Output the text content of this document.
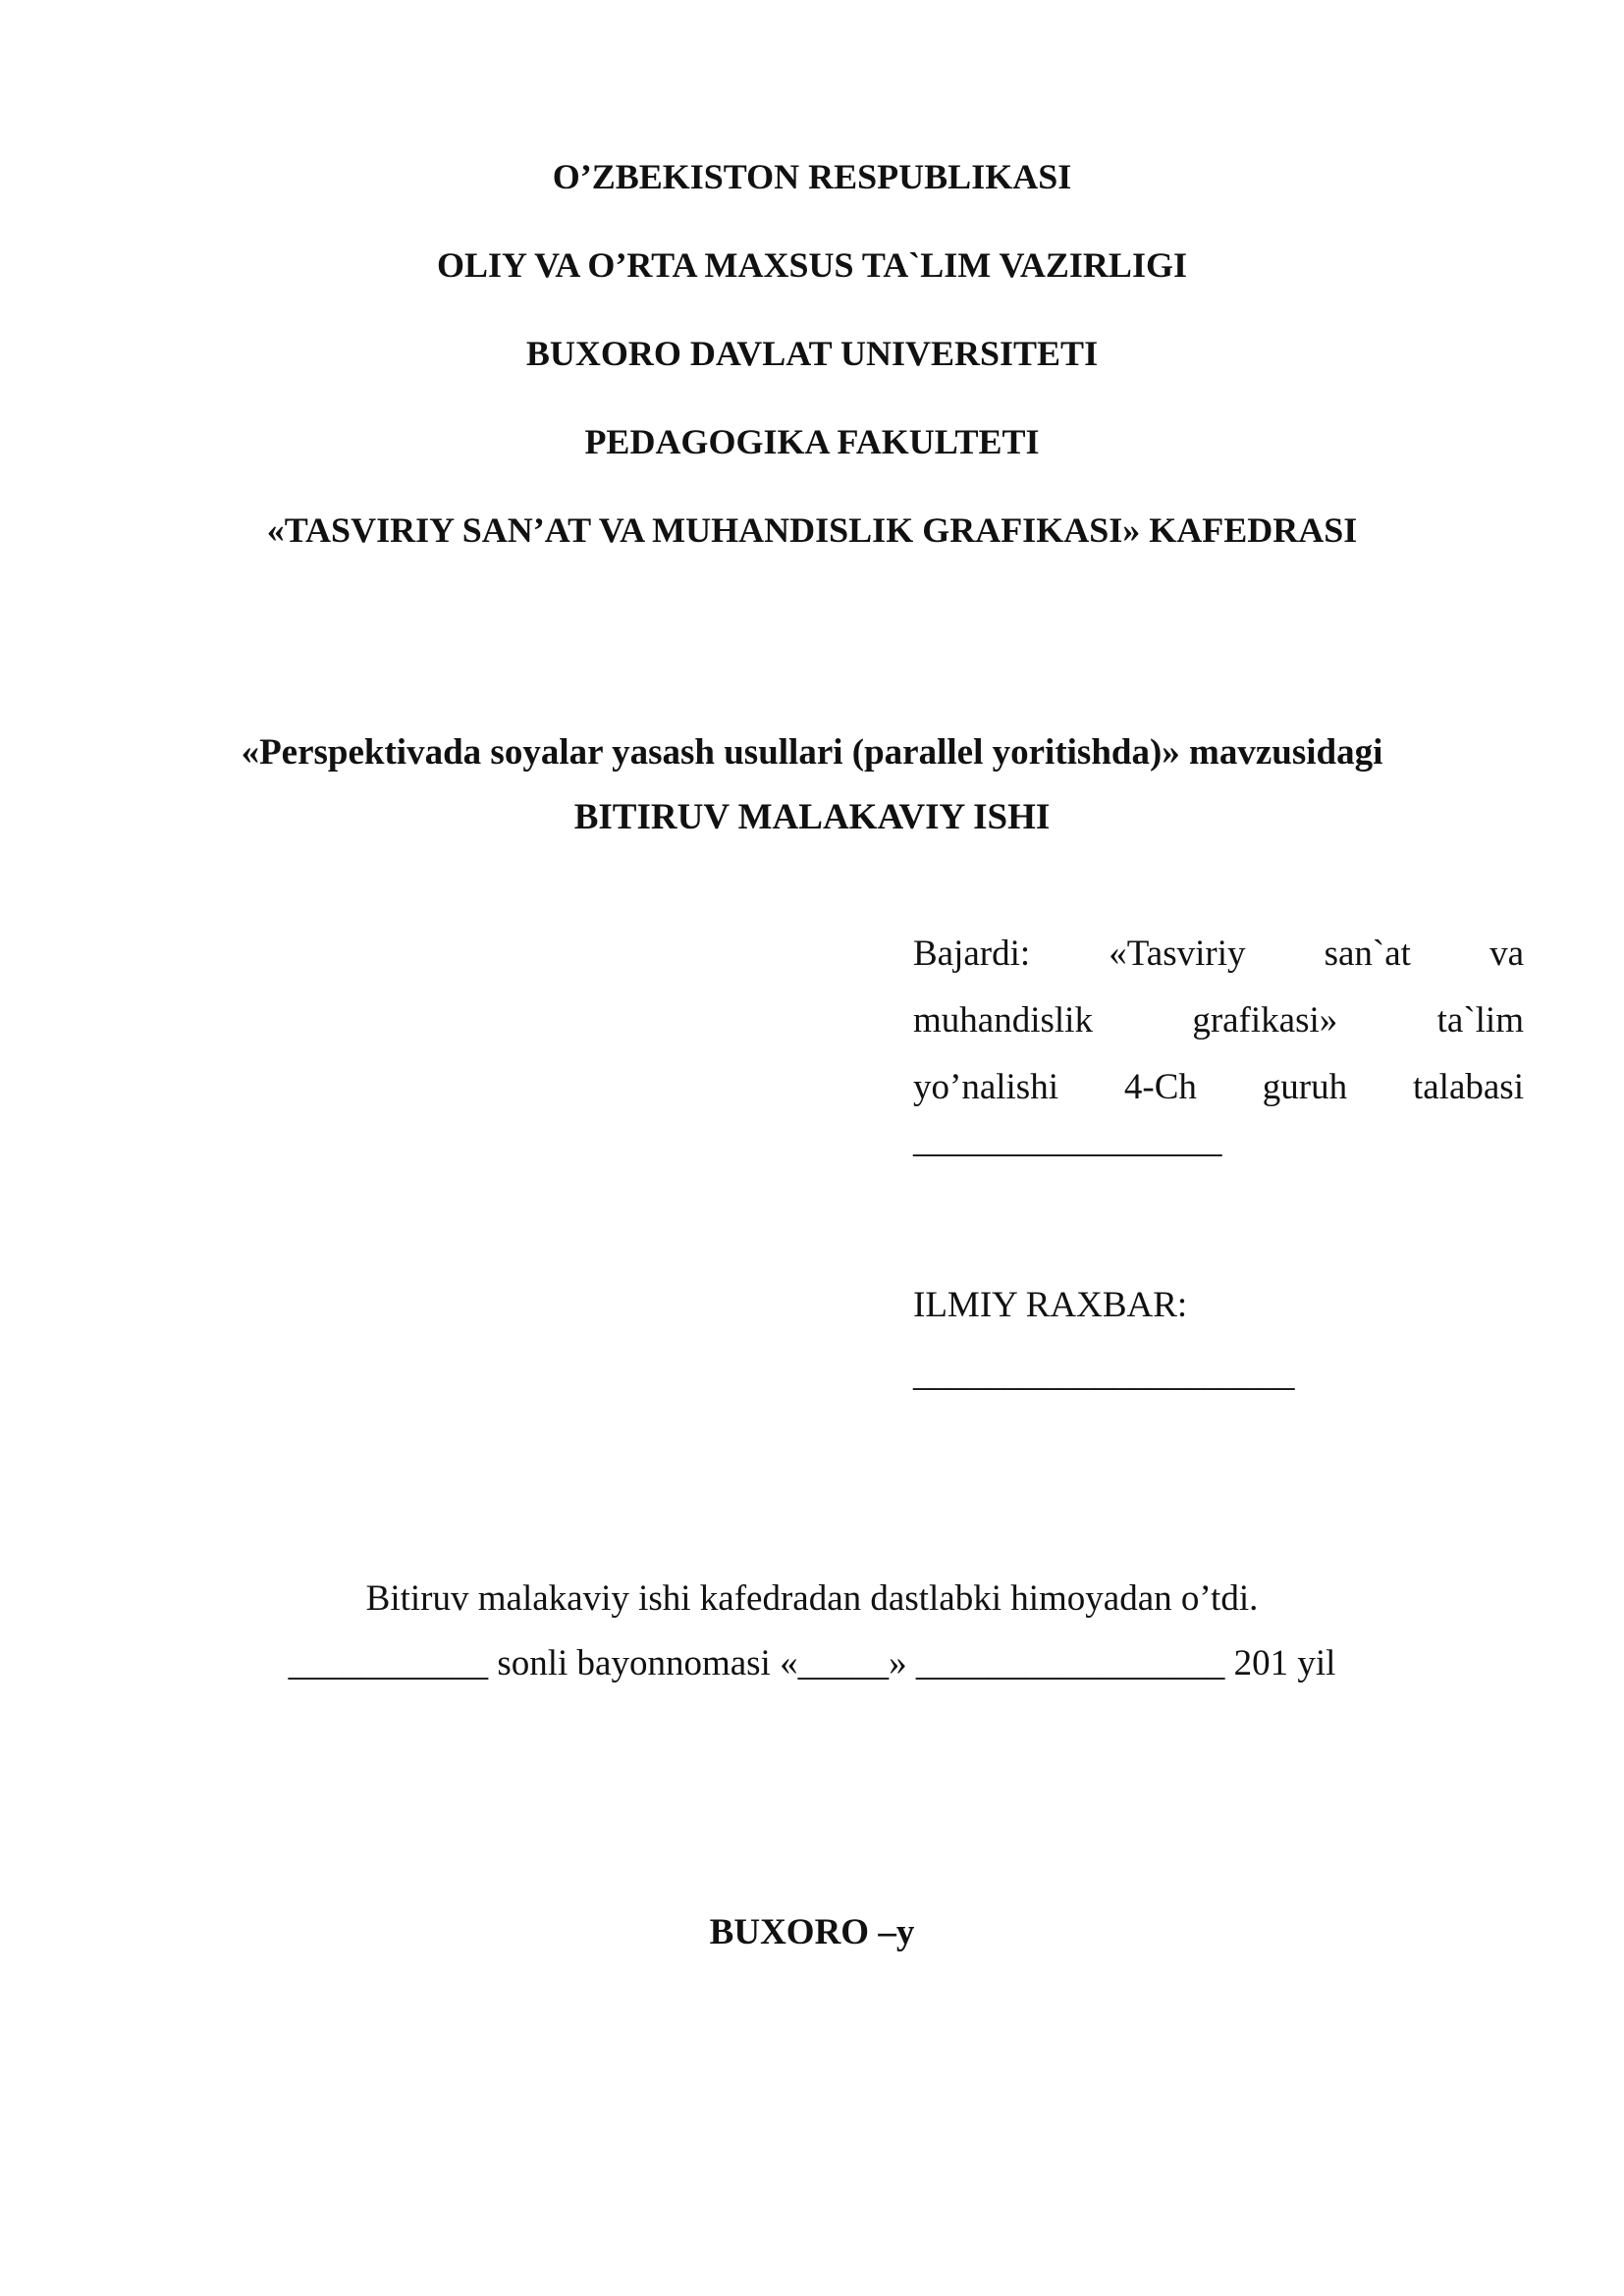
O’ZBEKISTON RESPUBLIKASI
OLIY VA O’RTA MAXSUS TA`LIM VAZIRLIGI
BUXORO DAVLAT UNIVERSITETI
PEDAGOGIKA FAKULTETI
«TASVIRIY SAN’AT VA MUHANDISLIK GRAFIKASI» KAFEDRASI
«Perspektivada soyalar yasash usullari (parallel yoritishda)» mavzusidagi
BITIRUV MALAKAVIY ISHI
Bajardi: «Tasviriy san`at va
muhandislik	grafikasi»	ta`lim
yo’nalishi 4-Ch guruh talabasi
_________________
ILMIY RAXBAR:
_____________________
Bitiruv malakaviy ishi kafedradan dastlabki himoyadan o’tdi.
___________ sonli bayonnomasi «_____» _________________ 201 yil
BUXORO –y
